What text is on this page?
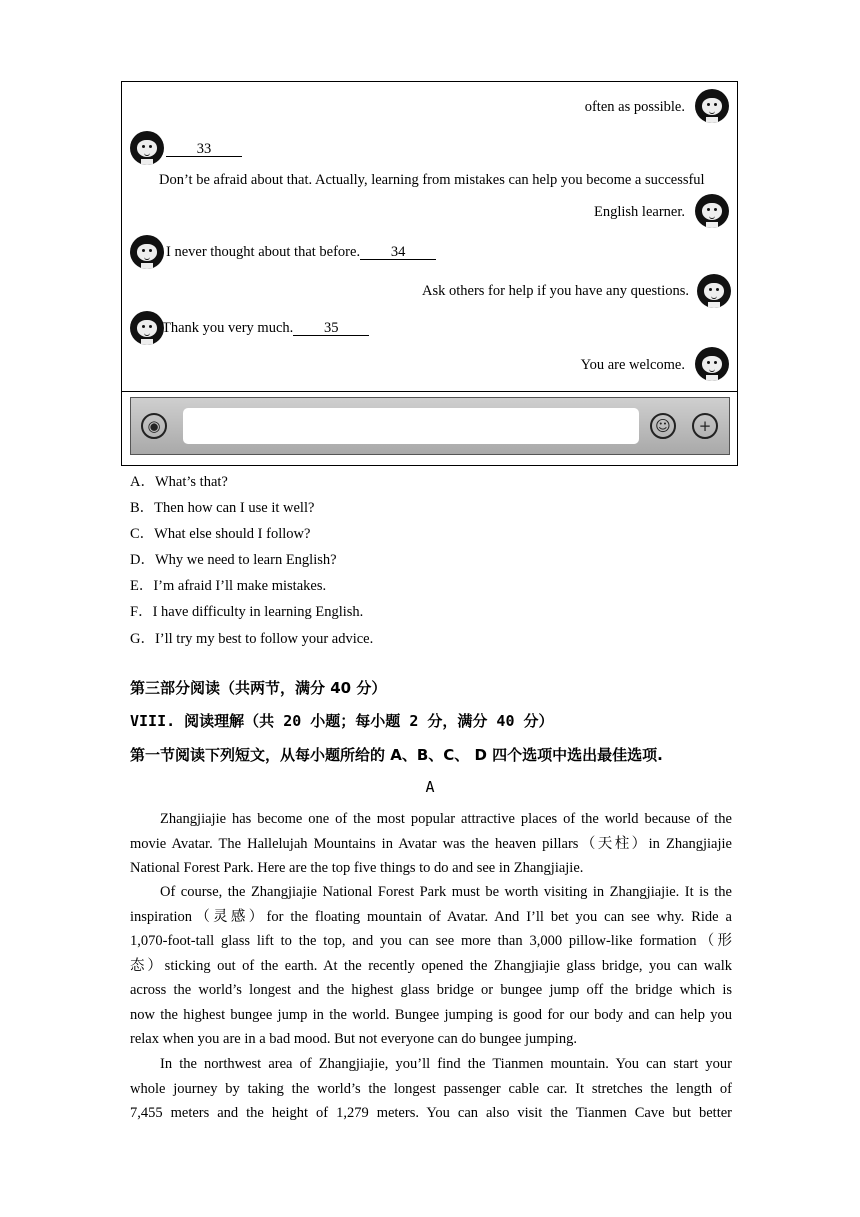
often as possible.
33
Don’t be afraid about that. Actually, learning from mistakes can help you become a successful
English learner.
I never thought about that before. 34
Ask others for help if you have any questions.
Thank you very much. 35
You are welcome.
◉	☺	+
A．What’s that?
B．Then how can I use it well?
C．What else should I follow?
D．Why we need to learn English?
E．I’m afraid I’ll make mistakes.
F．I have difficulty in learning English.
G．I’ll try my best to follow your advice.
第三部分阅读（共两节，满分 40 分）
VIII. 阅读理解（共 20 小题；每小题 2 分，满分 40 分）
第一节阅读下列短文，从每小题所给的 A、B、C、 D 四个选项中选出最佳选项.
A
Zhangjiajie has become one of the most popular attractive places of the world because of the
movie Avatar. The Hallelujah Mountains in Avatar was the heaven pillars（天柱）in Zhangjiajie
National Forest Park. Here are the top five things to do and see in Zhangjiajie.
Of course, the Zhangjiajie National Forest Park must be worth visiting in Zhangjiajie. It is the
inspiration（灵感）for the floating mountain of Avatar. And I’ll bet you can see why. Ride a
1,070-foot-tall glass lift to the top, and you can see more than 3,000 pillow-like formation（形
态）sticking out of the earth. At the recently opened the Zhangjiajie glass bridge, you can walk
across the world’s longest and the highest glass bridge or bungee jump off the bridge which is
now the highest bungee jump in the world. Bungee jumping is good for our body and can help you
relax when you are in a bad mood. But not everyone can do bungee jumping.
In the northwest area of Zhangjiajie, you’ll find the Tianmen mountain. You can start your
whole journey by taking the world’s the longest passenger cable car. It stretches the length of
7,455 meters and the height of 1,279 meters. You can also visit the Tianmen Cave but better
